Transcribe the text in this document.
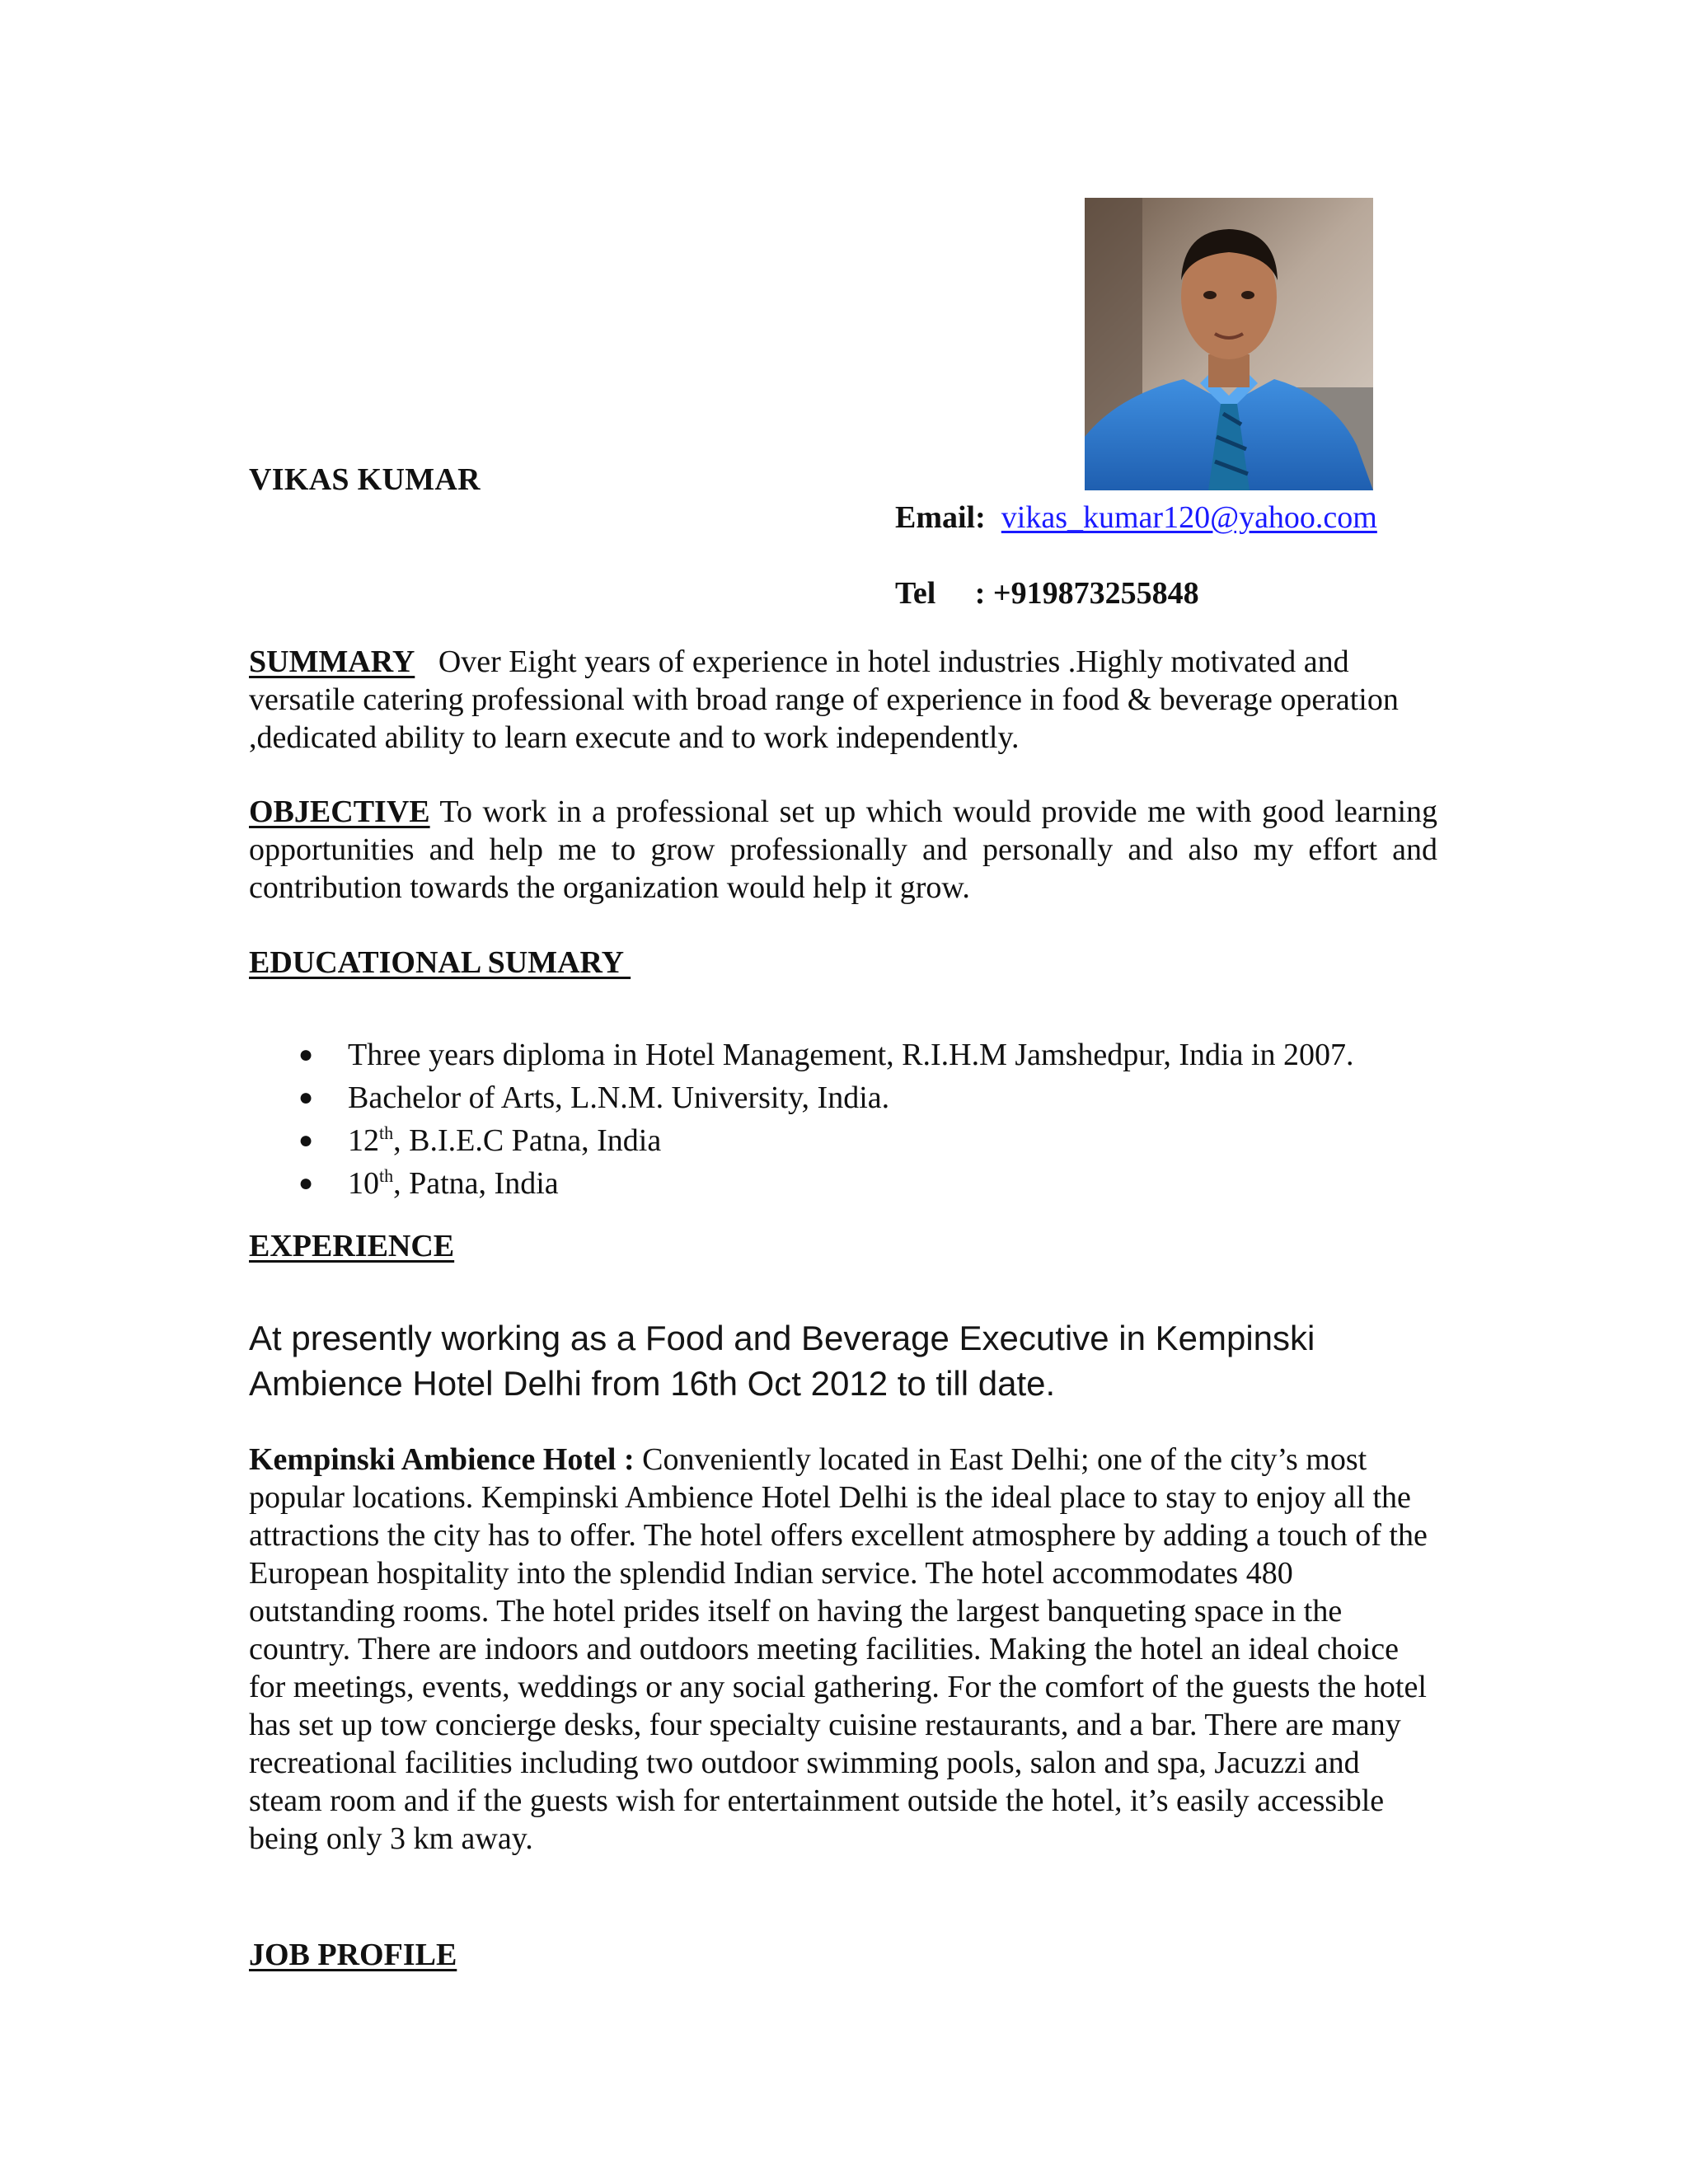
VIKAS KUMAR
Email: vikas_kumar120@yahoo.com
Tel : +919873255848
SUMMARY Over Eight years of experience in hotel industries .Highly motivated and versatile catering professional with broad range of experience in food & beverage operation ,dedicated ability to learn execute and to work independently.
OBJECTIVE To work in a professional set up which would provide me with good learning opportunities and help me to grow professionally and personally and also my effort and contribution towards the organization would help it grow.
EDUCATIONAL SUMARY
● Three years diploma in Hotel Management, R.I.H.M Jamshedpur, India in 2007.
● Bachelor of Arts, L.N.M. University, India.
● 12th, B.I.E.C Patna, India
● 10th, Patna, India
EXPERIENCE
At presently working as a Food and Beverage Executive in Kempinski Ambience Hotel Delhi from 16th Oct 2012 to till date.
Kempinski Ambience Hotel : Conveniently located in East Delhi; one of the city’s most popular locations. Kempinski Ambience Hotel Delhi is the ideal place to stay to enjoy all the attractions the city has to offer. The hotel offers excellent atmosphere by adding a touch of the European hospitality into the splendid Indian service. The hotel accommodates 480 outstanding rooms. The hotel prides itself on having the largest banqueting space in the country. There are indoors and outdoors meeting facilities. Making the hotel an ideal choice for meetings, events, weddings or any social gathering. For the comfort of the guests the hotel has set up tow concierge desks, four specialty cuisine restaurants, and a bar. There are many recreational facilities including two outdoor swimming pools, salon and spa, Jacuzzi and steam room and if the guests wish for entertainment outside the hotel, it’s easily accessible being only 3 km away.
JOB PROFILE
